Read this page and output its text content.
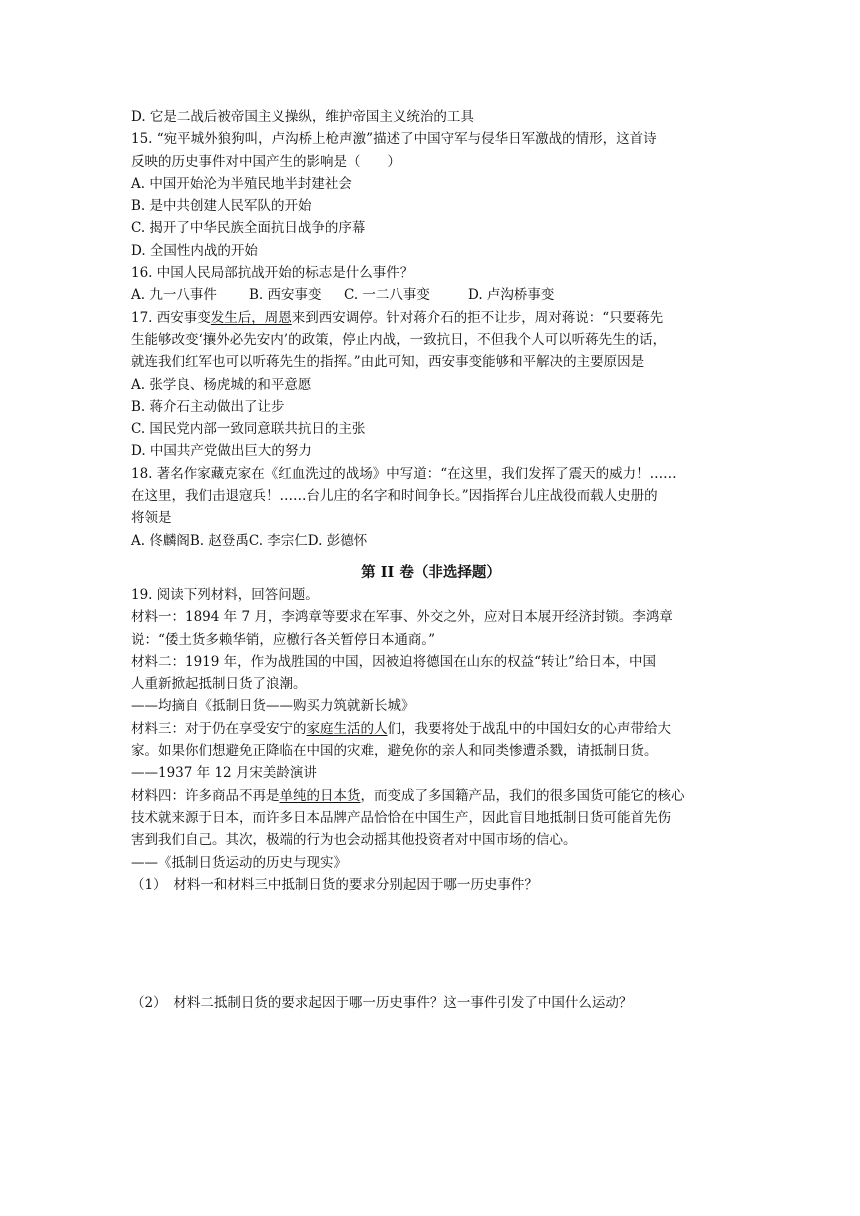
D. 它是二战后被帝国主义操纵，维护帝国主义统治的工具
15. “宛平城外狼狗叫，卢沟桥上枪声激”描述了中国守军与侵华日军激战的情形，这首诗
反映的历史事件对中国产生的影响是（　　）
A. 中国开始沦为半殖民地半封建社会
B. 是中共创建人民军队的开始
C. 揭开了中华民族全面抗日战争的序幕
D. 全国性内战的开始
16. 中国人民局部抗战开始的标志是什么事件？
A. 九一八事件 B. 西安事变 C. 一二八事变	D. 卢沟桥事变
17. 西安事变发生后，周恩来到西安调停。针对蒋介石的拒不让步，周对蒋说：“只要蒋先
生能够改变‘攘外必先安内’的政策，停止内战，一致抗日，不但我个人可以听蒋先生的话，
就连我们红军也可以听蒋先生的指挥。”由此可知，西安事变能够和平解决的主要原因是
A. 张学良、杨虎城的和平意愿
B. 蒋介石主动做出了让步
C. 国民党内部一致同意联共抗日的主张
D. 中国共产党做出巨大的努力
18. 著名作家藏克家在《红血洗过的战场》中写道：“在这里，我们发挥了震天的威力！……
在这里，我们击退寇兵！……台儿庄的名字和时间争长。”因指挥台儿庄战役而载人史册的
将领是
A. 佟麟阁B. 赵登禹C. 李宗仁D. 彭德怀
第 II 卷（非选择题）
19. 阅读下列材料，回答问题。
材料一：1894 年 7 月，李鸿章等要求在军事、外交之外，应对日本展开经济封锁。李鸿章
说：“倭土货多赖华销，应檄行各关暂停日本通商。”
材料二：1919 年，作为战胜国的中国，因被迫将德国在山东的权益“转让”给日本，中国
人重新掀起抵制日货了浪潮。
——均摘自《抵制日货——购买力筑就新长城》
材料三：对于仍在享受安宁的家庭生活的人们，我要将处于战乱中的中国妇女的心声带给大
家。如果你们想避免正降临在中国的灾难，避免你的亲人和同类惨遭杀戮，请抵制日货。
——1937 年 12 月宋美龄演讲
材料四：许多商品不再是单纯的日本货，而变成了多国籍产品，我们的很多国货可能它的核心
技术就来源于日本，而许多日本品牌产品恰恰在中国生产，因此盲目地抵制日货可能首先伤
害到我们自己。其次，极端的行为也会动摇其他投资者对中国市场的信心。
——《抵制日货运动的历史与现实》
（1）　材料一和材料三中抵制日货的要求分别起因于哪一历史事件？
（2）　材料二抵制日货的要求起因于哪一历史事件？这一事件引发了中国什么运动？
